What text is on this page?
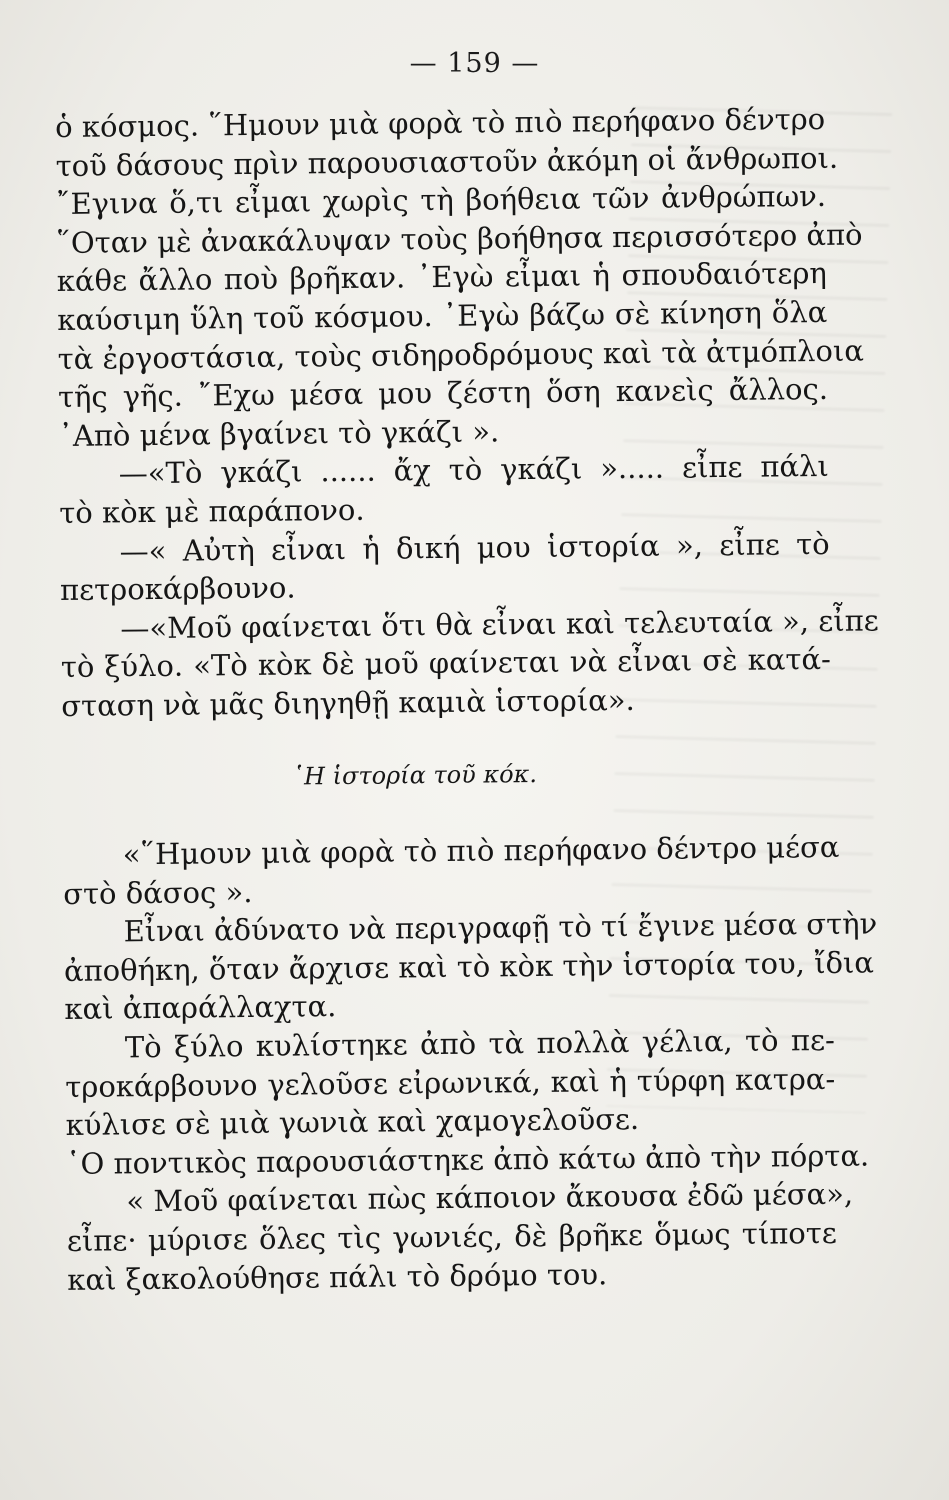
— 159 —
ὁ κόσμος. ῞Ημουν μιὰ φορὰ τὸ πιὸ περήφανο δέντρο
τοῦ δάσους πρὶν παρουσιαστοῦν ἀκόμη οἱ ἄνθρωποι.
῎Εγινα ὅ,τι εἶμαι χωρὶς τὴ βοήθεια τῶν ἀνθρώπων.
῞Οταν μὲ ἀνακάλυψαν τοὺς βοήθησα περισσότερο ἀπὸ
κάθε ἄλλο ποὺ βρῆκαν. ᾽Εγὼ εἶμαι ἡ σπουδαιότερη
καύσιμη ὕλη τοῦ κόσμου. ᾽Εγὼ βάζω σὲ κίνηση ὅλα
τὰ ἐργοστάσια, τοὺς σιδηροδρόμους καὶ τὰ ἀτμόπλοια
τῆς γῆς. ῎Εχω μέσα μου ζέστη ὅση κανεὶς ἄλλος.
᾽Απὸ μένα βγαίνει τὸ γκάζι ».
—«Τὸ γκάζι ...... ἄχ τὸ γκάζι »..... εἶπε πάλι
τὸ κὸκ μὲ παράπονο.
—« Αὐτὴ εἶναι ἡ δική μου ἱστορία », εἶπε τὸ
πετροκάρβουνο.
—«Μοῦ φαίνεται ὅτι θὰ εἶναι καὶ τελευταία », εἶπε
τὸ ξύλο. «Τὸ κὸκ δὲ μοῦ φαίνεται νὰ εἶναι σὲ κατά-
σταση νὰ μᾶς διηγηθῇ καμιὰ ἱστορία».
῾Η ἱστορία τοῦ κόκ.
«῞Ημουν μιὰ φορὰ τὸ πιὸ περήφανο δέντρο μέσα
στὸ δάσος ».
Εἶναι ἀδύνατο νὰ περιγραφῇ τὸ τί ἔγινε μέσα στὴν
ἀποθήκη, ὅταν ἄρχισε καὶ τὸ κὸκ τὴν ἱστορία του, ἴδια
καὶ ἀπαράλλαχτα.
Τὸ ξύλο κυλίστηκε ἀπὸ τὰ πολλὰ γέλια, τὸ πε-
τροκάρβουνο γελοῦσε εἰρωνικά, καὶ ἡ τύρφη κατρα-
κύλισε σὲ μιὰ γωνιὰ καὶ χαμογελοῦσε.
῾Ο ποντικὸς παρουσιάστηκε ἀπὸ κάτω ἀπὸ τὴν πόρτα.
« Μοῦ φαίνεται πὼς κάποιον ἄκουσα ἐδῶ μέσα»,
εἶπε· μύρισε ὅλες τὶς γωνιές, δὲ βρῆκε ὅμως τίποτε
καὶ ξακολούθησε πάλι τὸ δρόμο του.
